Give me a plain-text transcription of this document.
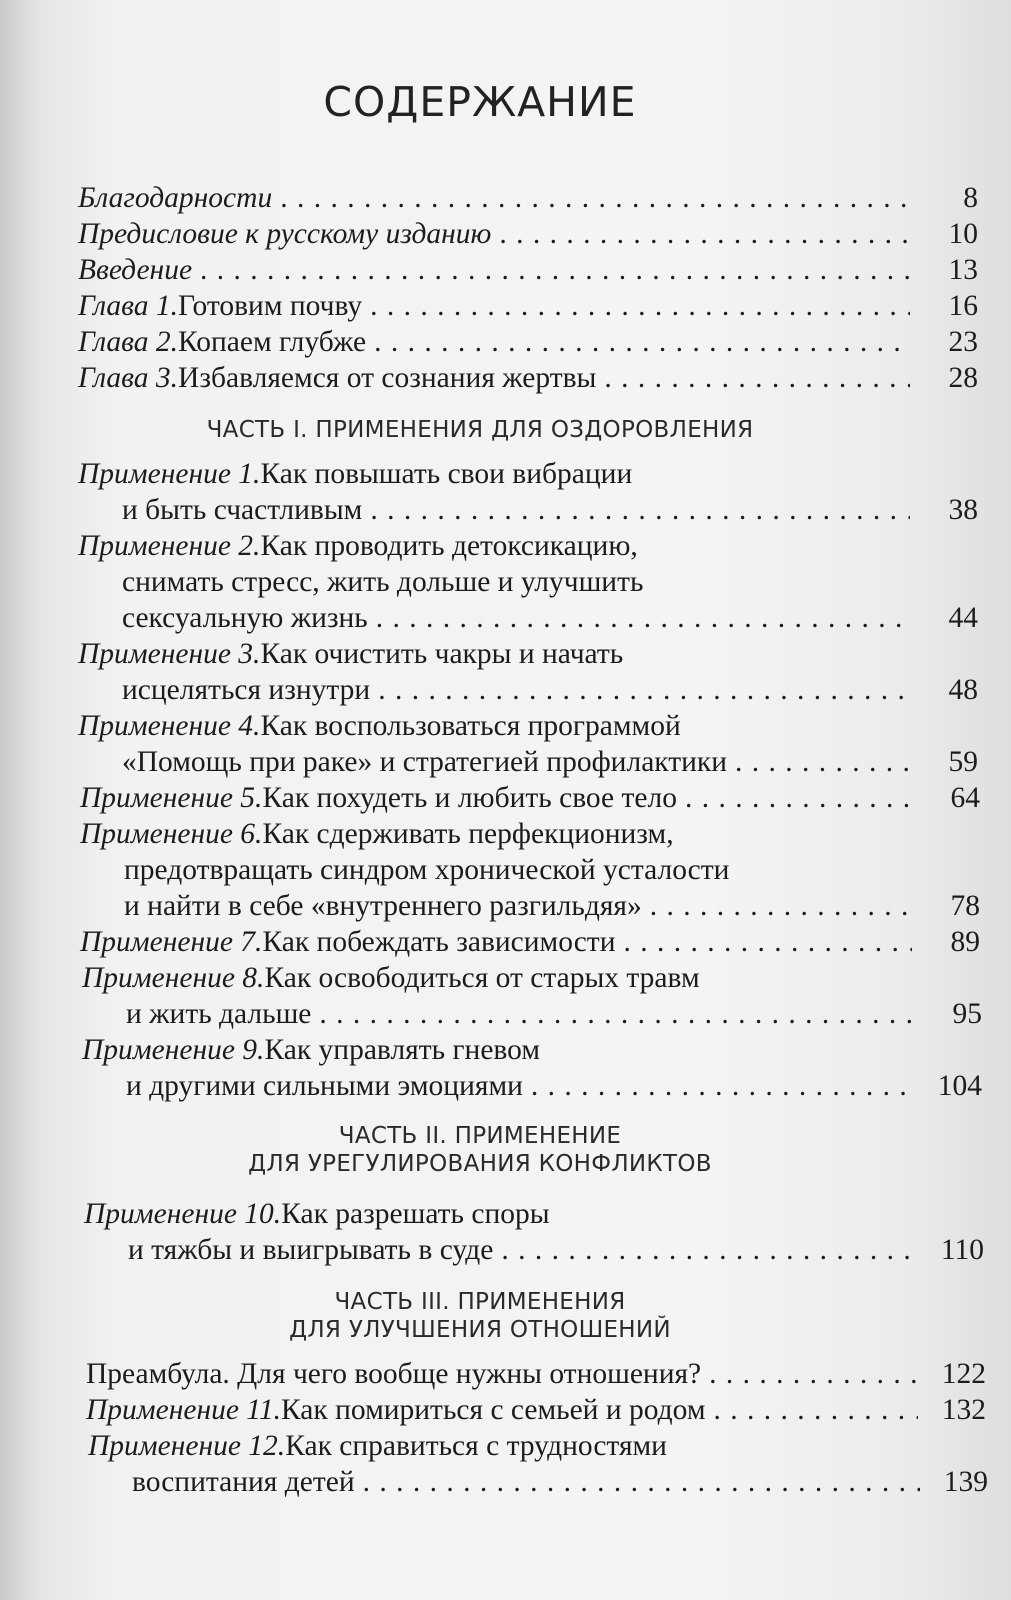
СОДЕРЖАНИЕ
Благодарности . . .	8
Предисловие к русскому изданию . . .	10
Введение . . .	13
Глава 1. Готовим почву . . .	16
Глава 2. Копаем глубже . . .	23
Глава 3. Избавляемся от сознания жертвы . . .	28
Применение 1. Как повышать свои вибрации
и быть счастливым . . .	38
Применение 2. Как проводить детоксикацию,
снимать стресс, жить дольше и улучшить
сексуальную жизнь . . .	44
Применение 3. Как очистить чакры и начать
исцеляться изнутри . . .	48
Применение 4. Как воспользоваться программой
«Помощь при раке» и стратегией профилактики . . .	59
Применение 5. Как похудеть и любить свое тело . . .	64
Применение 6. Как сдерживать перфекционизм,
предотвращать синдром хронической усталости
и найти в себе «внутреннего разгильдяя» . . .	78
Применение 7. Как побеждать зависимости . . .	89
Применение 8. Как освободиться от старых травм
и жить дальше . . .	95
Применение 9. Как управлять гневом
и другими сильными эмоциями . . .	104
Применение 10. Как разрешать споры
и тяжбы и выигрывать в суде . . .	110
Преамбула. Для чего вообще нужны отношения? . . .	122
Применение 11. Как помириться с семьей и родом . . .	132
Применение 12. Как справиться с трудностями
воспитания детей . . .	139
ЧАСТЬ I. ПРИМЕНЕНИЯ ДЛЯ ОЗДОРОВЛЕНИЯ
ЧАСТЬ II. ПРИМЕНЕНИЕ
ДЛЯ УРЕГУЛИРОВАНИЯ КОНФЛИКТОВ
ЧАСТЬ III. ПРИМЕНЕНИЯ
ДЛЯ УЛУЧШЕНИЯ ОТНОШЕНИЙ
